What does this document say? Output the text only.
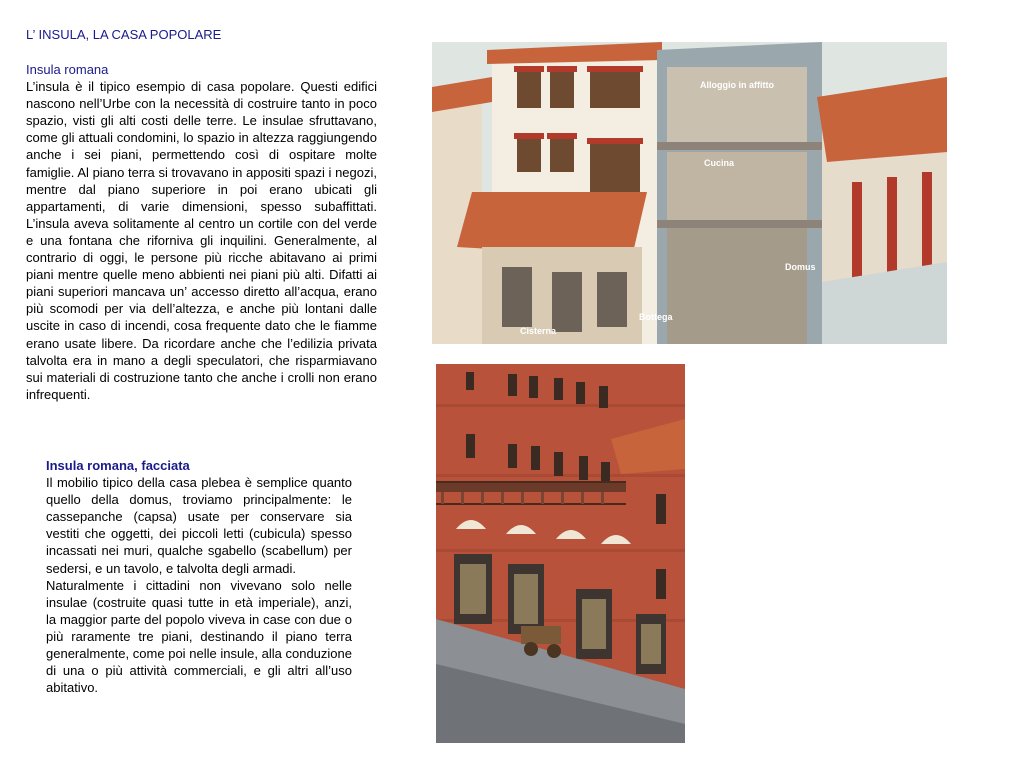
L’ INSULA, LA CASA POPOLARE
Insula romana

L’insula è il tipico esempio di casa popolare. Questi edifici nascono nell’Urbe con la necessità di costruire tanto in poco spazio, visti gli alti costi delle terre. Le insulae sfruttavano, come gli attuali condomini, lo spazio in altezza raggiungendo anche i sei piani, permettendo così di ospitare molte famiglie. Al piano terra si trovavano in appositi spazi i negozi, mentre dal piano superiore in poi erano ubicati gli appartamenti, di varie dimensioni, spesso subaffittati. L’insula aveva solitamente al centro un cortile con del verde e una fontana che riforniva gli inquilini. Generalmente, al contrario di oggi, le persone più ricche abitavano ai primi piani mentre quelle meno abbienti nei piani più alti. Difatti ai piani superiori mancava un’ accesso diretto all’acqua, erano più scomodi per via dell’altezza, e anche più lontani dalle uscite in caso di incendi, cosa frequente dato che le fiamme erano usate libere. Da ricordare anche che l’edilizia privata talvolta era in mano a degli speculatori, che risparmiavano sui materiali di costruzione tanto che anche i crolli non erano infrequenti.

Insula romana, facciata

Il mobilio tipico della casa plebea è semplice quanto quello della domus, troviamo principalmente: le cassepanche (capsa) usate per conservare sia vestiti che oggetti, dei piccoli letti (cubicula) spesso incassati nei muri, qualche sgabello (scabellum) per sedersi, e un tavolo, e talvolta degli armadi.

Naturalmente i cittadini non vivevano solo nelle insulae (costruite quasi tutte in età imperiale), anzi, la maggior parte del popolo viveva in case con due o più raramente tre piani, destinando il piano terra generalmente, come poi nelle insule, alla conduzione di una o più attività commerciali, e gli altri all’uso abitativo.

Alloggio in affitto
Cucina
Domus
Cisterna
Bottega
